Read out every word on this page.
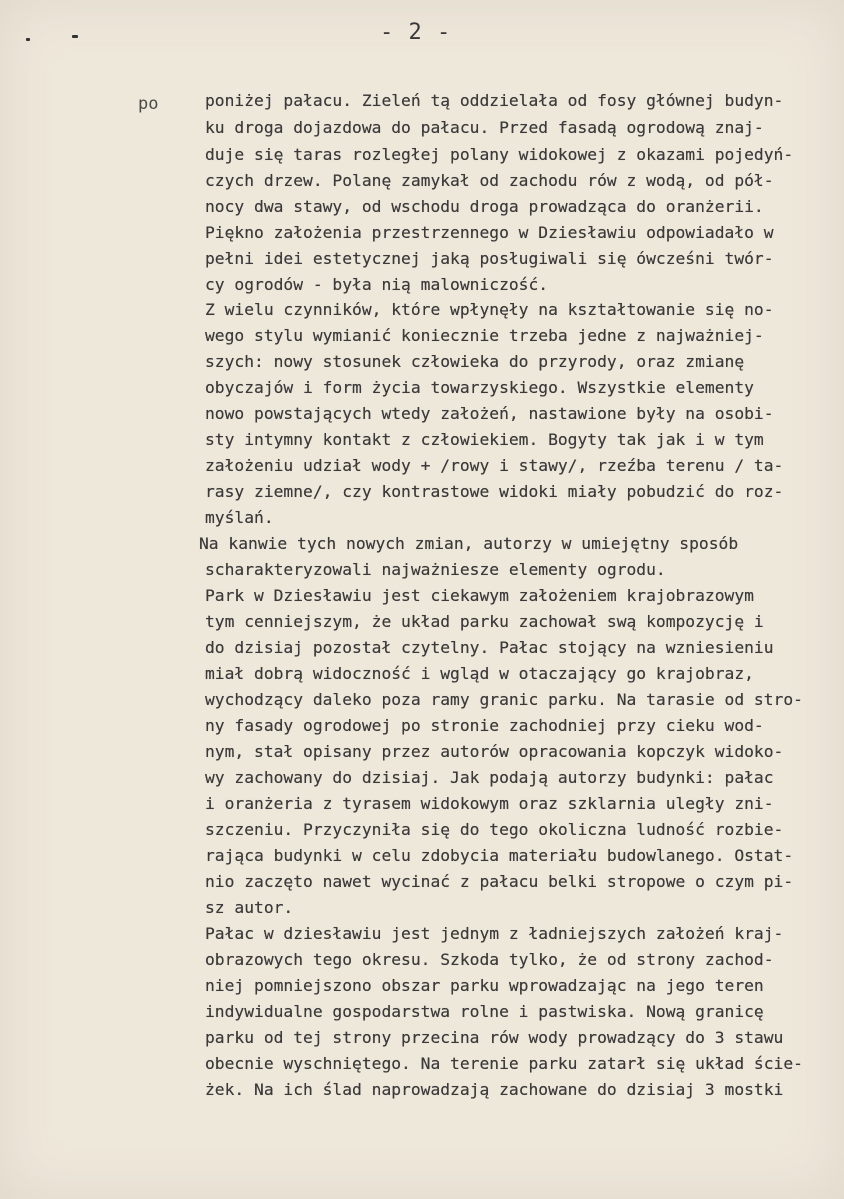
- 2 -
po	poniżej pałacu. Zieleń tą oddzielała od fosy głównej budyn-
ku droga dojazdowa do pałacu. Przed fasadą ogrodową znaj-
duje się taras rozległej polany widokowej z okazami pojedyń-
czych drzew. Polanę zamykał od zachodu rów z wodą, od pół-
nocy dwa stawy, od wschodu droga prowadząca do oranżerii.
Piękno założenia przestrzennego w Dziesławiu odpowiadało w
pełni idei estetycznej jaką posługiwali się ówcześni twór-
cy ogrodów - była nią malowniczość.
Z wielu czynników, które wpłynęły na kształtowanie się no-
wego stylu wymianić koniecznie trzeba jedne z najważniej-
szych: nowy stosunek człowieka do przyrody, oraz zmianę
obyczajów i form życia towarzyskiego. Wszystkie elementy
nowo powstających wtedy założeń, nastawione były na osobi-
sty intymny kontakt z człowiekiem. Bogyty tak jak i w tym
założeniu udział wody + /rowy i stawy/, rzeźba terenu / ta-
rasy ziemne/, czy kontrastowe widoki miały pobudzić do roz-
myślań.
Na kanwie tych nowych zmian, autorzy w umiejętny sposób
scharakteryzowali najważniesze elementy ogrodu.
Park w Dziesławiu jest ciekawym założeniem krajobrazowym
tym cenniejszym, że układ parku zachował swą kompozycję i
do dzisiaj pozostał czytelny. Pałac stojący na wzniesieniu
miał dobrą widoczność i wgląd w otaczający go krajobraz,
wychodzący daleko poza ramy granic parku. Na tarasie od stro-
ny fasady ogrodowej po stronie zachodniej przy cieku wod-
nym, stał opisany przez autorów opracowania kopczyk widoko-
wy zachowany do dzisiaj. Jak podają autorzy budynki: pałac
i oranżeria z tyrasem widokowym oraz szklarnia uległy zni-
szczeniu. Przyczyniła się do tego okoliczna ludność rozbie-
rająca budynki w celu zdobycia materiału budowlanego. Ostat-
nio zaczęto nawet wycinać z pałacu belki stropowe o czym pi-
sz autor.
Pałac w dziesławiu jest jednym z ładniejszych założeń kraj-
obrazowych tego okresu. Szkoda tylko, że od strony zachod-
niej pomniejszono obszar parku wprowadzając na jego teren
indywidualne gospodarstwa rolne i pastwiska. Nową granicę
parku od tej strony przecina rów wody prowadzący do 3 stawu
obecnie wyschniętego. Na terenie parku zatarł się układ ście-
żek. Na ich ślad naprowadzają zachowane do dzisiaj 3 mostki
